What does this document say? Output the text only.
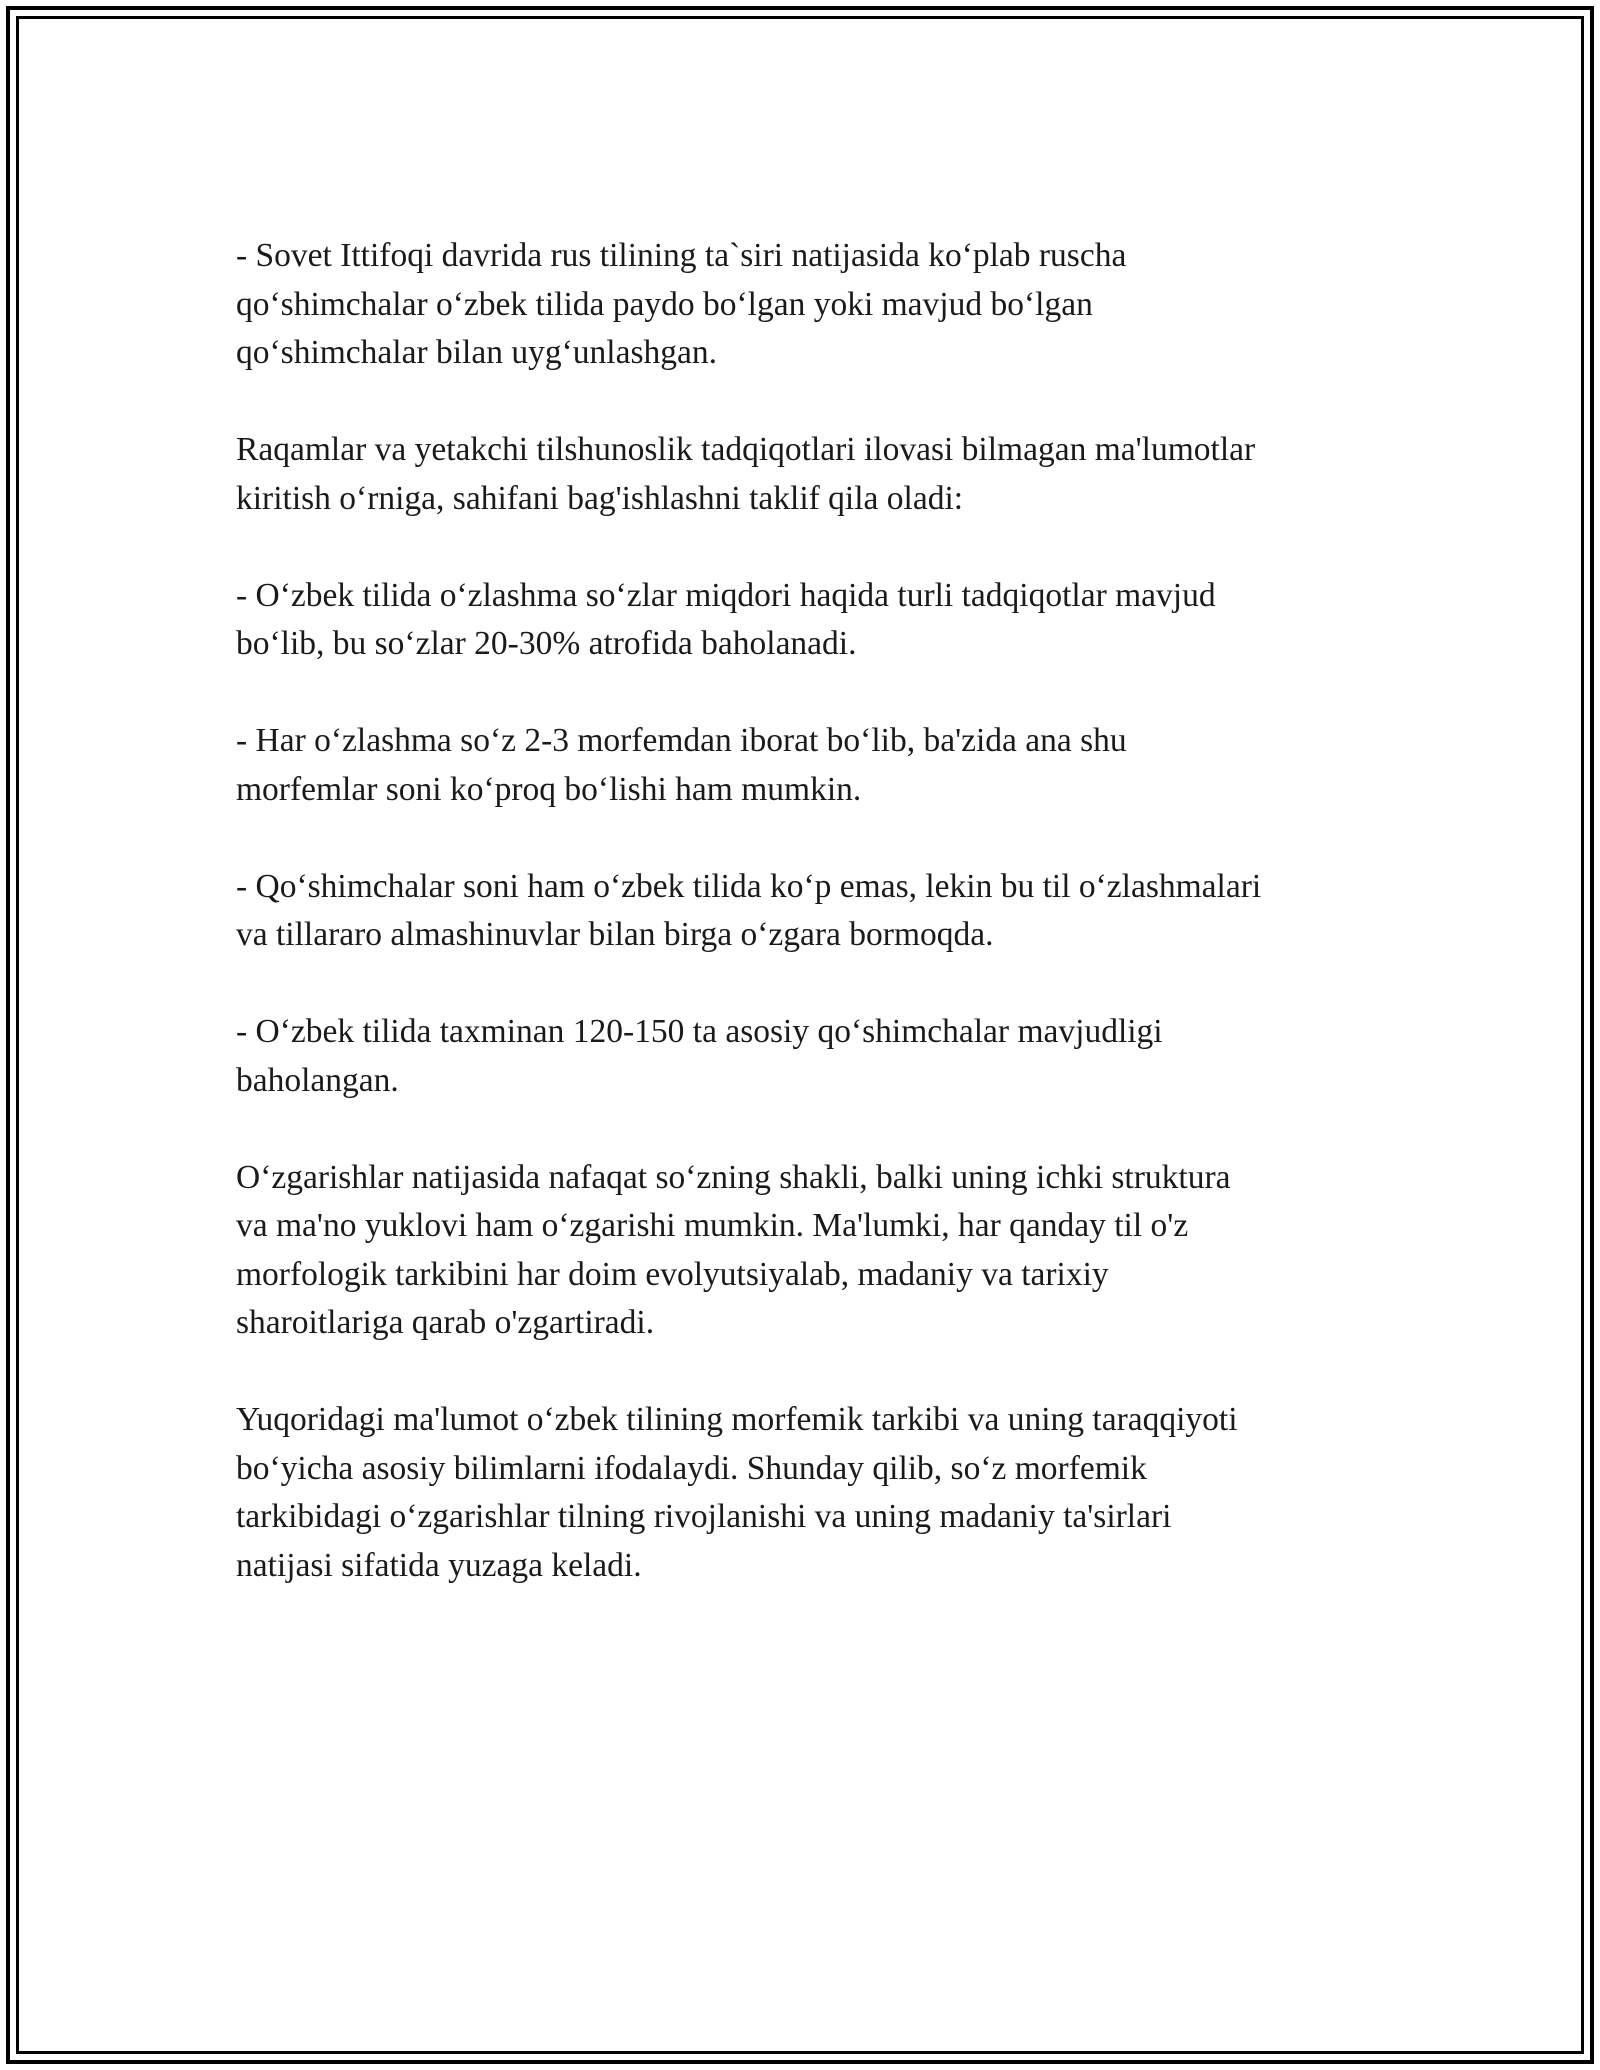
- Sovet Ittifoqi davrida rus tilining ta`siri natijasida koʻplab ruscha
qoʻshimchalar oʻzbek tilida paydo boʻlgan yoki mavjud boʻlgan
qoʻshimchalar bilan uygʻunlashgan.

Raqamlar va yetakchi tilshunoslik tadqiqotlari ilovasi bilmagan ma'lumotlar
kiritish oʻrniga, sahifani bag'ishlashni taklif qila oladi:

- Oʻzbek tilida oʻzlashma soʻzlar miqdori haqida turli tadqiqotlar mavjud
boʻlib, bu soʻzlar 20-30% atrofida baholanadi.

- Har oʻzlashma soʻz 2-3 morfemdan iborat boʻlib, ba'zida ana shu
morfemlar soni koʻproq boʻlishi ham mumkin.

- Qoʻshimchalar soni ham oʻzbek tilida koʻp emas, lekin bu til oʻzlashmalari
va tillararo almashinuvlar bilan birga oʻzgara bormoqda.

- Oʻzbek tilida taxminan 120-150 ta asosiy qoʻshimchalar mavjudligi
baholangan.

Oʻzgarishlar natijasida nafaqat soʻzning shakli, balki uning ichki struktura
va ma'no yuklovi ham oʻzgarishi mumkin. Ma'lumki, har qanday til o'z
morfologik tarkibini har doim evolyutsiyalab, madaniy va tarixiy
sharoitlariga qarab o'zgartiradi.

Yuqoridagi ma'lumot oʻzbek tilining morfemik tarkibi va uning taraqqiyoti
boʻyicha asosiy bilimlarni ifodalaydi. Shunday qilib, soʻz morfemik
tarkibidagi oʻzgarishlar tilning rivojlanishi va uning madaniy ta'sirlari
natijasi sifatida yuzaga keladi.
